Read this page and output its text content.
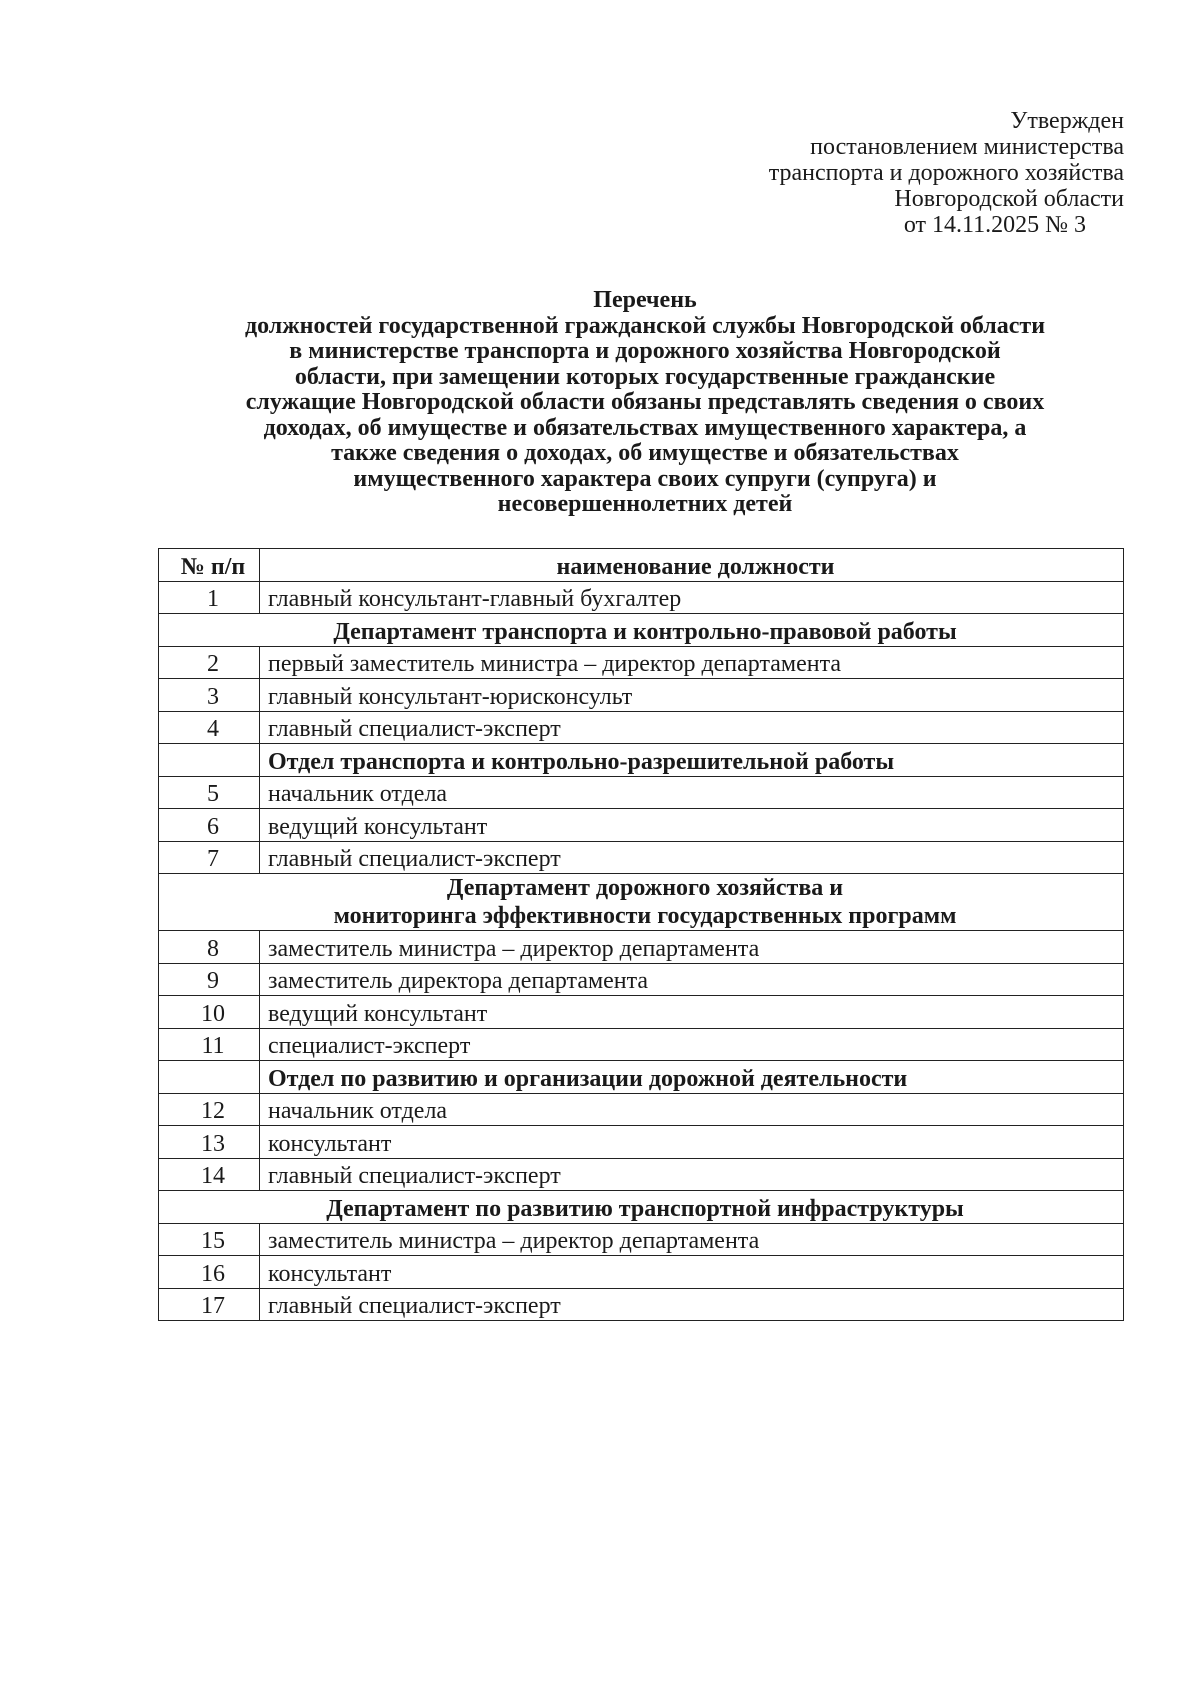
Утвержден
постановлением министерства
транспорта и дорожного хозяйства
Новгородской области
от 14.11.2025 № 3
Перечень
должностей государственной гражданской службы Новгородской области
в министерстве транспорта и дорожного хозяйства Новгородской
области, при замещении которых государственные гражданские
служащие Новгородской области обязаны представлять сведения о своих
доходах, об имуществе и обязательствах имущественного характера, а
также сведения о доходах, об имуществе и обязательствах
имущественного характера своих супруги (супруга) и
несовершеннолетних детей
№ п/п	наименование должности
1	главный консультант-главный бухгалтер
Департамент транспорта и контрольно-правовой работы	
2	первый заместитель министра – директор департамента
3	главный консультант-юрисконсульт
4	главный специалист-эксперт
	Отдел транспорта и контрольно-разрешительной работы
5	начальник отдела
6	ведущий консультант
7	главный специалист-эксперт

Департамент дорожного хозяйства и
мониторинга эффективности государственных программ	

8	заместитель министра – директор департамента
9	заместитель директора департамента
10	ведущий консультант
11	специалист-эксперт
	Отдел по развитию и организации дорожной деятельности
12	начальник отдела
13	консультант
14	главный специалист-эксперт
Департамент по развитию транспортной инфраструктуры	
15	заместитель министра – директор департамента
16	консультант
17	главный специалист-эксперт
